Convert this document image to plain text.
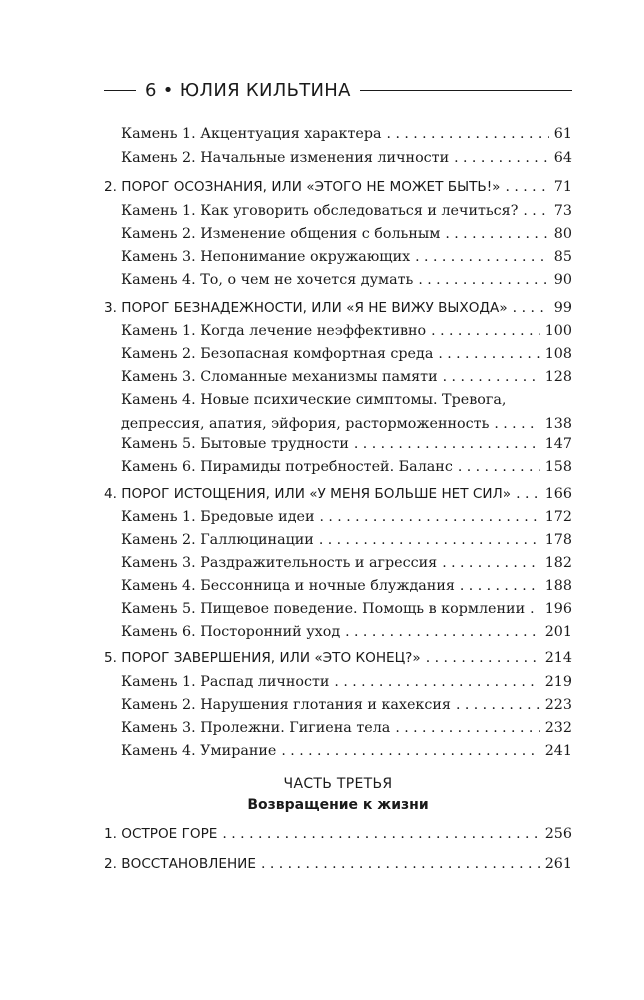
6 • ЮЛИЯ КИЛЬТИНА
Камень 1. Акцентуация характера . . .	61
Камень 2. Начальные изменения личности . . .	64
2. ПОРОГ ОСОЗНАНИЯ, ИЛИ «ЭТОГО НЕ МОЖЕТ БЫТЬ!» . . .	71
Камень 1. Как уговорить обследоваться и лечиться? . . . 73
Камень 2. Изменение общения с больным . . .	80
Камень 3. Непонимание окружающих . . .	85
Камень 4. То, о чем не хочется думать . . .	90
3. ПОРОГ БЕЗНАДЕЖНОСТИ, ИЛИ «Я НЕ ВИЖУ ВЫХОДА» . . .	99
Камень 1. Когда лечение неэффективно . . .	100
Камень 2. Безопасная комфортная среда . . .	108
Камень 3. Сломанные механизмы памяти . . .	128
Камень 4. Новые психические симптомы. Тревога,
депрессия, апатия, эйфория, расторможенность . . .	138
Камень 5. Бытовые трудности . . .	147
Камень 6. Пирамиды потребностей. Баланс . . .	158
4. ПОРОГ ИСТОЩЕНИЯ, ИЛИ «У МЕНЯ БОЛЬШЕ НЕТ СИЛ» . . . 166
Камень 1. Бредовые идеи . . .	172
Камень 2. Галлюцинации . . .	178
Камень 3. Раздражительность и агрессия . . .	182
Камень 4. Бессонница и ночные блуждания . . .	188
Камень 5. Пищевое поведение. Помощь в кормлении . . . 196
Камень 6. Посторонний уход . . .	201
5. ПОРОГ ЗАВЕРШЕНИЯ, ИЛИ «ЭТО КОНЕЦ?» . . .	214
Камень 1. Распад личности . . .	219
Камень 2. Нарушения глотания и кахексия . . .	223
Камень 3. Пролежни. Гигиена тела . . .	232
Камень 4. Умирание . . .	241
1. ОСТРОЕ ГОРЕ . . .	256
2. ВОССТАНОВЛЕНИЕ . . .	261
ЧАСТЬ ТРЕТЬЯ
Возвращение к жизни
